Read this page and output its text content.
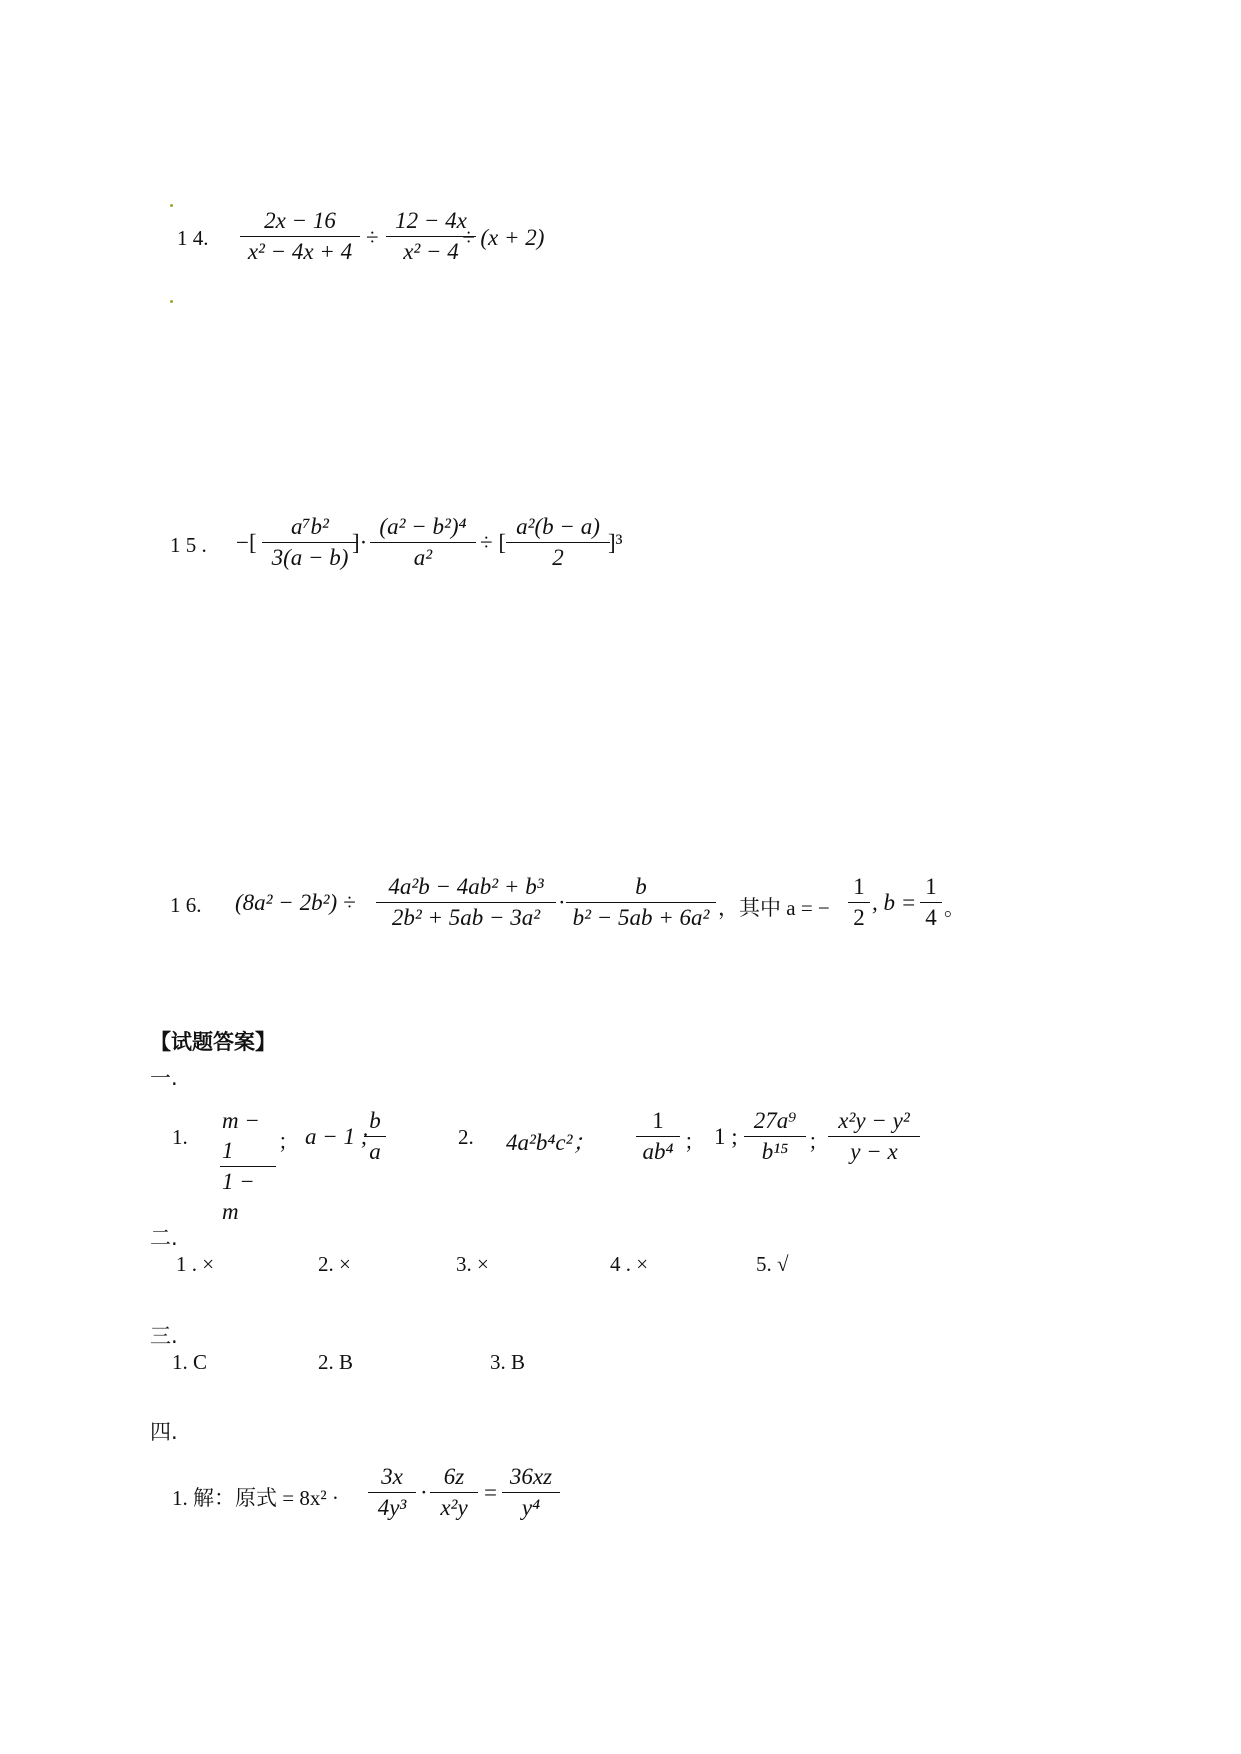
1 4.
2x − 16
x² − 4x + 4
÷
12 − 4x
x² − 4
÷ (x + 2)
1 5 . −[
a⁷b²
3(a − b)
]·
(a² − b²)⁴
a²
÷ [
a²(b − a)
2
]³
1 6. (8a² − 2b²) ÷
4a²b − 4ab² + b³
2b² + 5ab − 3a²
·
b
b² − 5ab + 6a² ，其中 a = −
1
2
, b =
1
4 。
【试题答案】
一.
1.
m − 1
1 − m
； a − 1 ;
b
a
2. 4a²b⁴c²；
1
ab⁴ ； 1 ;
27a⁹
b¹⁵ ；
x²y − y²
y − x
二.
1 . ×	2. ×	3. ×	4 . ×	5. √
三.
1. C	2. B	3. B
四.
1. 解：原式 = 8x² ·
3x
4y³
·
6z
x²y
=
36xz
y⁴
